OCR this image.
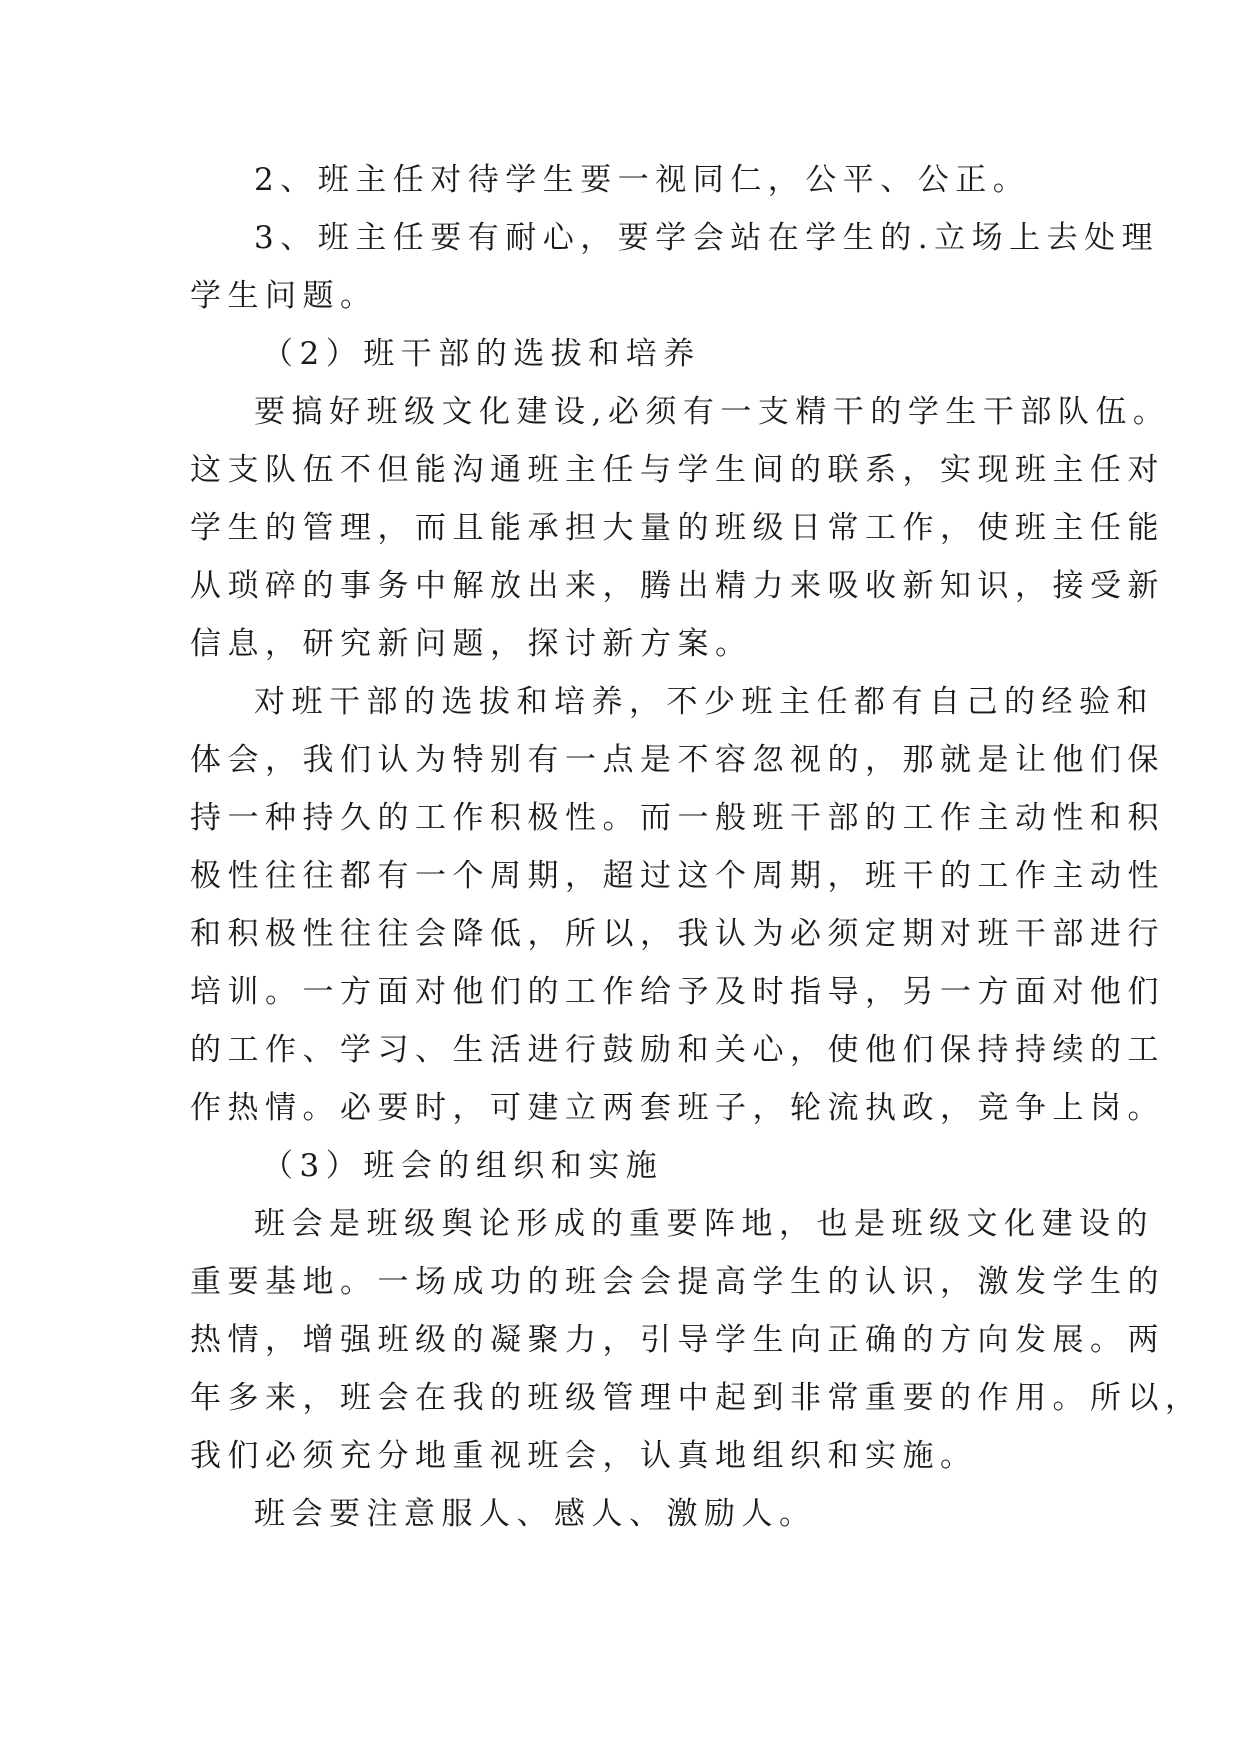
2、班主任对待学生要一视同仁，公平、公正。
3、班主任要有耐心，要学会站在学生的.立场上去处理
学生问题。
（2）班干部的选拔和培养
要搞好班级文化建设,必须有一支精干的学生干部队伍。
这支队伍不但能沟通班主任与学生间的联系，实现班主任对
学生的管理，而且能承担大量的班级日常工作，使班主任能
从琐碎的事务中解放出来，腾出精力来吸收新知识，接受新
信息，研究新问题，探讨新方案。
对班干部的选拔和培养，不少班主任都有自己的经验和
体会，我们认为特别有一点是不容忽视的，那就是让他们保
持一种持久的工作积极性。而一般班干部的工作主动性和积
极性往往都有一个周期，超过这个周期，班干的工作主动性
和积极性往往会降低，所以，我认为必须定期对班干部进行
培训。一方面对他们的工作给予及时指导，另一方面对他们
的工作、学习、生活进行鼓励和关心，使他们保持持续的工
作热情。必要时，可建立两套班子，轮流执政，竞争上岗。
（3）班会的组织和实施
班会是班级舆论形成的重要阵地，也是班级文化建设的
重要基地。一场成功的班会会提高学生的认识，激发学生的
热情，增强班级的凝聚力，引导学生向正确的方向发展。两
年多来，班会在我的班级管理中起到非常重要的作用。所以，
我们必须充分地重视班会，认真地组织和实施。
班会要注意服人、感人、激励人。
